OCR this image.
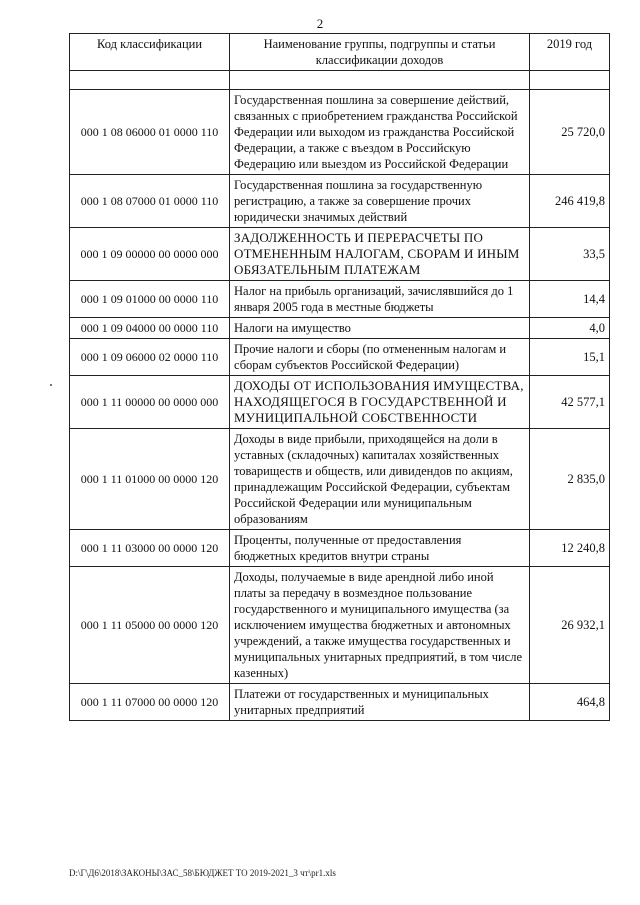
2
Код классификации	Наименование группы, подгруппы и статьи классификации доходов	2019 год

000 1 08 06000 01 0000 110	Государственная пошлина за совершение действий, связанных с приобретением гражданства Российской Федерации или выходом из гражданства Российской Федерации, а также с въездом в Российскую Федерацию или выездом из Российской Федерации	25 720,0
000 1 08 07000 01 0000 110	Государственная пошлина за государственную регистрацию, а также за совершение прочих юридически значимых действий	246 419,8
000 1 09 00000 00 0000 000	ЗАДОЛЖЕННОСТЬ И ПЕРЕРАСЧЕТЫ ПО ОТМЕНЕННЫМ НАЛОГАМ, СБОРАМ И ИНЫМ ОБЯЗАТЕЛЬНЫМ ПЛАТЕЖАМ	33,5
000 1 09 01000 00 0000 110	Налог на прибыль организаций, зачислявшийся до 1 января 2005 года в местные бюджеты	14,4
000 1 09 04000 00 0000 110	Налоги на имущество	4,0
000 1 09 06000 02 0000 110	Прочие налоги и сборы (по отмененным налогам и сборам субъектов Российской Федерации)	15,1
000 1 11 00000 00 0000 000	ДОХОДЫ ОТ ИСПОЛЬЗОВАНИЯ ИМУЩЕСТВА, НАХОДЯЩЕГОСЯ В ГОСУДАРСТВЕННОЙ И МУНИЦИПАЛЬНОЙ СОБСТВЕННОСТИ	42 577,1
000 1 11 01000 00 0000 120	Доходы в виде прибыли, приходящейся на доли в уставных (складочных) капиталах хозяйственных товариществ и обществ, или дивидендов по акциям, принадлежащим Российской Федерации, субъектам Российской Федерации или муниципальным образованиям	2 835,0
000 1 11 03000 00 0000 120	Проценты, полученные от предоставления бюджетных кредитов внутри страны	12 240,8
000 1 11 05000 00 0000 120	Доходы, получаемые в виде арендной либо иной платы за передачу в возмездное пользование государственного и муниципального имущества (за исключением имущества бюджетных и автономных учреждений, а также имущества государственных и муниципальных унитарных предприятий, в том числе казенных)	26 932,1
000 1 11 07000 00 0000 120	Платежи от государственных и муниципальных унитарных предприятий	464,8
D:\Г\Д6\2018\ЗАКОНЫ\ЗАС_58\БЮДЖЕТ ТО 2019-2021_3 чт\pr1.xls
